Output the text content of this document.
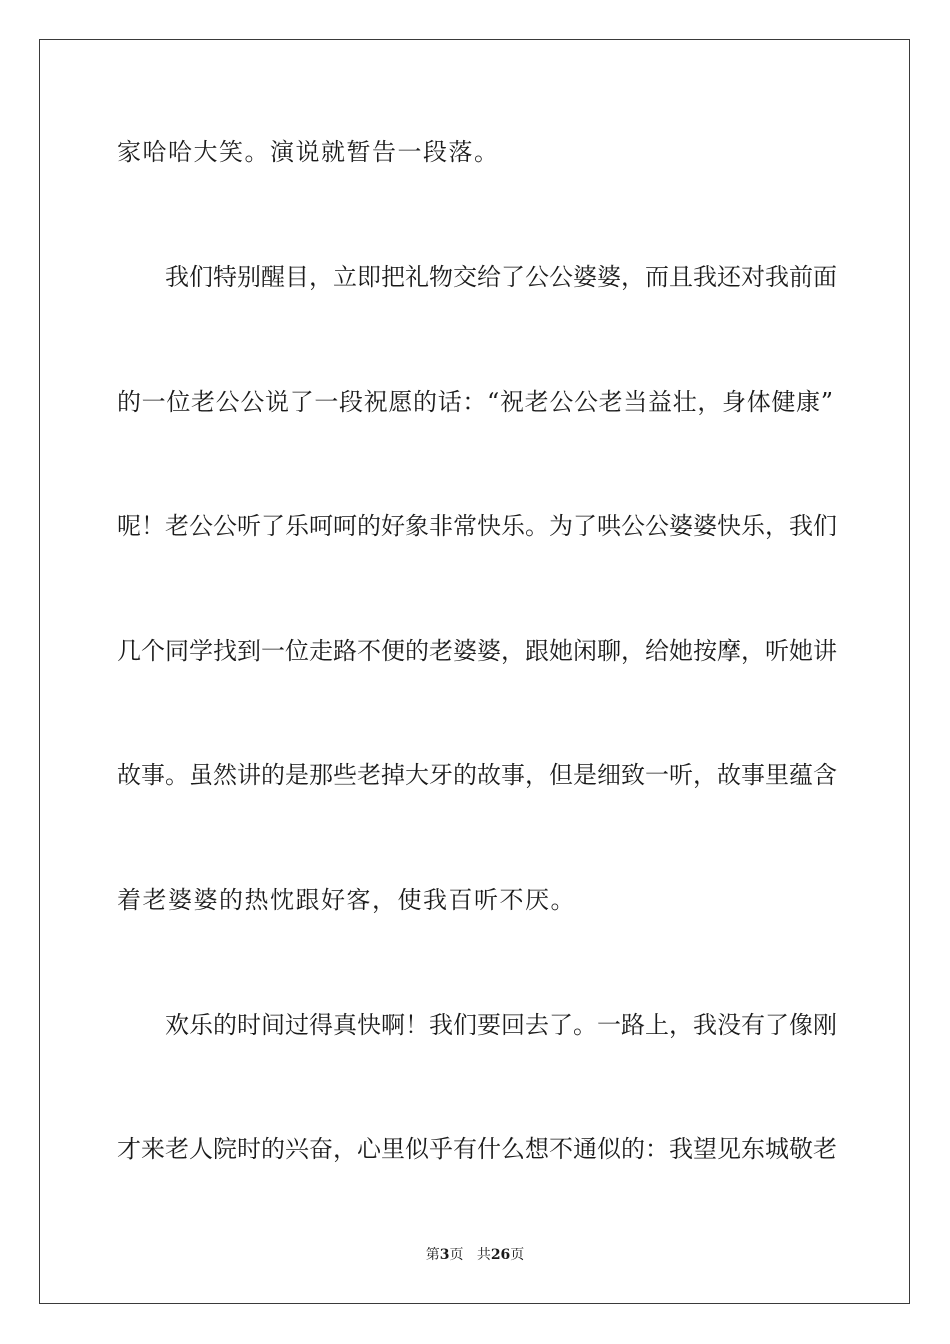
家哈哈大笑。演说就暂告一段落。
我们特别醒目，立即把礼物交给了公公婆婆，而且我还对我前面
的一位老公公说了一段祝愿的话：“祝老公公老当益壮，身体健康”
呢！老公公听了乐呵呵的好象非常快乐。为了哄公公婆婆快乐，我们
几个同学找到一位走路不便的老婆婆，跟她闲聊，给她按摩，听她讲
故事。虽然讲的是那些老掉大牙的故事，但是细致一听，故事里蕴含
着老婆婆的热忱跟好客，使我百听不厌。
欢乐的时间过得真快啊！我们要回去了。一路上，我没有了像刚
才来老人院时的兴奋，心里似乎有什么想不通似的：我望见东城敬老
第3页 共26页
